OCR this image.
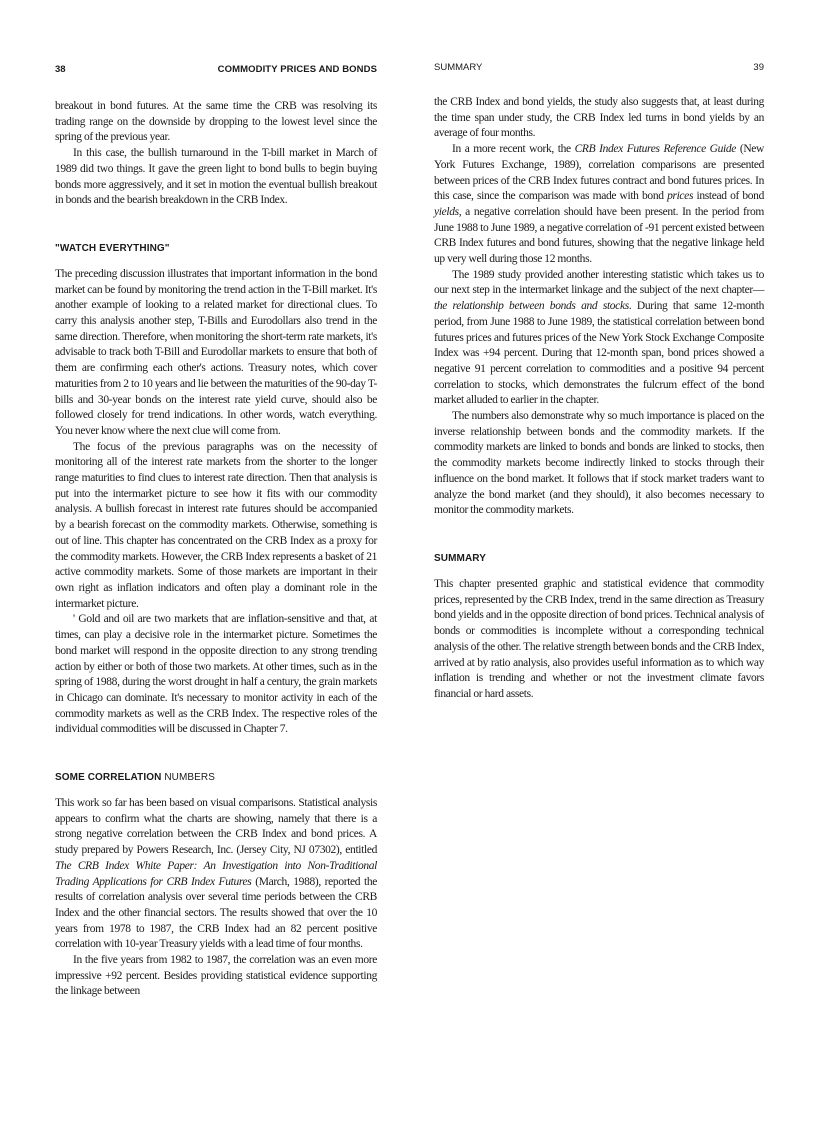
38	COMMODITY PRICES AND BONDS

breakout in bond futures. At the same time the CRB was resolving its trading range on the downside by dropping to the lowest level since the spring of the previous year.

In this case, the bullish turnaround in the T-bill market in March of 1989 did two things. It gave the green light to bond bulls to begin buying bonds more aggressively, and it set in motion the eventual bullish breakout in bonds and the bearish breakdown in the CRB Index.

"WATCH EVERYTHING"

The preceding discussion illustrates that important information in the bond market can be found by monitoring the trend action in the T-Bill market. It's another example of looking to a related market for directional clues. To carry this analysis another step, T-Bills and Eurodollars also trend in the same direction. Therefore, when monitoring the short-term rate markets, it's advisable to track both T-Bill and Eurodollar markets to ensure that both of them are confirming each other's actions. Treasury notes, which cover maturities from 2 to 10 years and lie between the maturities of the 90-day T-bills and 30-year bonds on the interest rate yield curve, should also be followed closely for trend indications. In other words, watch everything. You never know where the next clue will come from.

The focus of the previous paragraphs was on the necessity of monitoring all of the interest rate markets from the shorter to the longer range maturities to find clues to interest rate direction. Then that analysis is put into the intermarket picture to see how it fits with our commodity analysis. A bullish forecast in interest rate futures should be accompanied by a bearish forecast on the commodity markets. Otherwise, something is out of line. This chapter has concentrated on the CRB Index as a proxy for the commodity markets. However, the CRB Index represents a basket of 21 active commodity markets. Some of those markets are important in their own right as inflation indicators and often play a dominant role in the intermarket picture.

' Gold and oil are two markets that are inflation-sensitive and that, at times, can play a decisive role in the intermarket picture. Sometimes the bond market will respond in the opposite direction to any strong trending action by either or both of those two markets. At other times, such as in the spring of 1988, during the worst drought in half a century, the grain markets in Chicago can dominate. It's necessary to monitor activity in each of the commodity markets as well as the CRB Index. The respective roles of the individual commodities will be discussed in Chapter 7.

SOME CORRELATION NUMBERS

This work so far has been based on visual comparisons. Statistical analysis appears to confirm what the charts are showing, namely that there is a strong negative correlation between the CRB Index and bond prices. A study prepared by Powers Research, Inc. (Jersey City, NJ 07302), entitled The CRB Index White Paper: An Investigation into Non-Traditional Trading Applications for CRB Index Futures (March, 1988), reported the results of correlation analysis over several time periods between the CRB Index and the other financial sectors. The results showed that over the 10 years from 1978 to 1987, the CRB Index had an 82 percent positive correlation with 10-year Treasury yields with a lead time of four months.

In the five years from 1982 to 1987, the correlation was an even more impressive +92 percent. Besides providing statistical evidence supporting the linkage between

SUMMARY	39

the CRB Index and bond yields, the study also suggests that, at least during the time span under study, the CRB Index led turns in bond yields by an average of four months.

In a more recent work, the CRB Index Futures Reference Guide (New York Futures Exchange, 1989), correlation comparisons are presented between prices of the CRB Index futures contract and bond futures prices. In this case, since the comparison was made with bond prices instead of bond yields, a negative correlation should have been present. In the period from June 1988 to June 1989, a negative correlation of -91 percent existed between CRB Index futures and bond futures, showing that the negative linkage held up very well during those 12 months.

The 1989 study provided another interesting statistic which takes us to our next step in the intermarket linkage and the subject of the next chapter—the relationship between bonds and stocks. During that same 12-month period, from June 1988 to June 1989, the statistical correlation between bond futures prices and futures prices of the New York Stock Exchange Composite Index was +94 percent. During that 12-month span, bond prices showed a negative 91 percent correlation to commodities and a positive 94 percent correlation to stocks, which demonstrates the fulcrum effect of the bond market alluded to earlier in the chapter.

The numbers also demonstrate why so much importance is placed on the inverse relationship between bonds and the commodity markets. If the commodity markets are linked to bonds and bonds are linked to stocks, then the commodity markets become indirectly linked to stocks through their influence on the bond market. It follows that if stock market traders want to analyze the bond market (and they should), it also becomes necessary to monitor the commodity markets.

SUMMARY

This chapter presented graphic and statistical evidence that commodity prices, represented by the CRB Index, trend in the same direction as Treasury bond yields and in the opposite direction of bond prices. Technical analysis of bonds or commodities is incomplete without a corresponding technical analysis of the other. The relative strength between bonds and the CRB Index, arrived at by ratio analysis, also provides useful information as to which way inflation is trending and whether or not the investment climate favors financial or hard assets.
